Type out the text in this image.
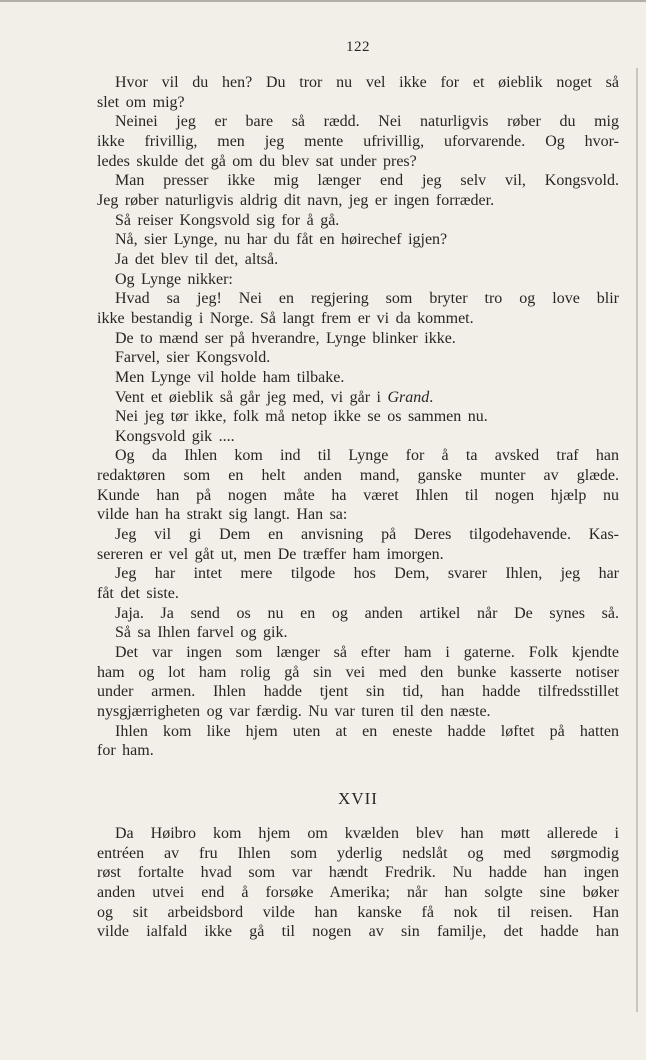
122
Hvor vil du hen? Du tror nu vel ikke for et øieblik noget så
slet om mig?
Neinei jeg er bare så rædd. Nei naturligvis røber du mig
ikke frivillig, men jeg mente ufrivillig, uforvarende. Og hvor-
ledes skulde det gå om du blev sat under pres?
Man presser ikke mig længer end jeg selv vil, Kongsvold.
Jeg røber naturligvis aldrig dit navn, jeg er ingen forræder.
Så reiser Kongsvold sig for å gå.
Nå, sier Lynge, nu har du fåt en høirechef igjen?
Ja det blev til det, altså.
Og Lynge nikker:
Hvad sa jeg! Nei en regjering som bryter tro og love blir
ikke bestandig i Norge. Så langt frem er vi da kommet.
De to mænd ser på hverandre, Lynge blinker ikke.
Farvel, sier Kongsvold.
Men Lynge vil holde ham tilbake.
Vent et øieblik så går jeg med, vi går i Grand.
Nei jeg tør ikke, folk må netop ikke se os sammen nu.
Kongsvold gik ....
Og da Ihlen kom ind til Lynge for å ta avsked traf han
redaktøren som en helt anden mand, ganske munter av glæde.
Kunde han på nogen måte ha været Ihlen til nogen hjælp nu
vilde han ha strakt sig langt. Han sa:
Jeg vil gi Dem en anvisning på Deres tilgodehavende. Kas-
sereren er vel gåt ut, men De træffer ham imorgen.
Jeg har intet mere tilgode hos Dem, svarer Ihlen, jeg har
fåt det siste.
Jaja. Ja send os nu en og anden artikel når De synes så.
Så sa Ihlen farvel og gik.
Det var ingen som længer så efter ham i gaterne. Folk kjendte
ham og lot ham rolig gå sin vei med den bunke kasserte notiser
under armen. Ihlen hadde tjent sin tid, han hadde tilfredsstillet
nysgjærrigheten og var færdig. Nu var turen til den næste.
Ihlen kom like hjem uten at en eneste hadde løftet på hatten
for ham.
XVII
Da Høibro kom hjem om kvælden blev han møtt allerede i
entréen av fru Ihlen som yderlig nedslåt og med sørgmodig
røst fortalte hvad som var hændt Fredrik. Nu hadde han ingen
anden utvei end å forsøke Amerika; når han solgte sine bøker
og sit arbeidsbord vilde han kanske få nok til reisen. Han
vilde ialfald ikke gå til nogen av sin familje, det hadde han
